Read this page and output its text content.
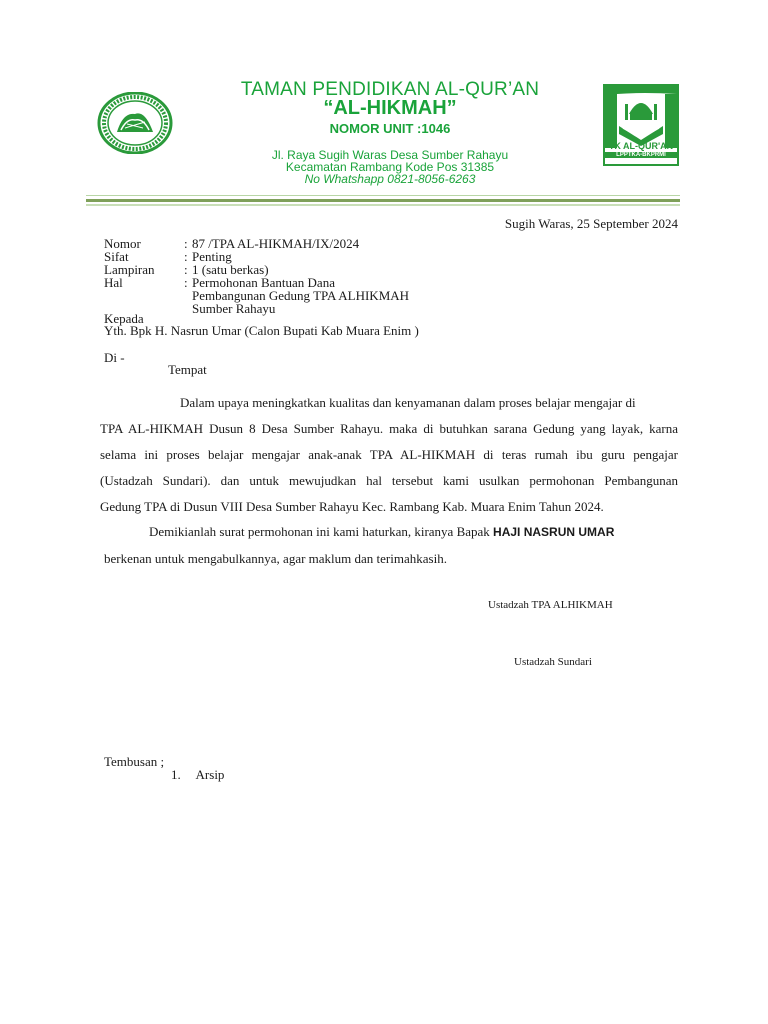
TK AL-QUR'AN
LPPTKA-BKPRMI
TAMAN PENDIDIKAN AL-QUR’AN
“AL-HIKMAH”
NOMOR UNIT :1046
Jl. Raya Sugih Waras Desa Sumber Rahayu
Kecamatan Rambang Kode Pos 31385
No Whatshapp 0821-8056-6263
Sugih Waras, 25 September 2024
Nomor	: 87 /TPA AL-HIKMAH/IX/2024
Sifat	: Penting
Lampiran	: 1 (satu berkas)
Hal	: Permohonan Bantuan Dana
Pembangunan Gedung TPA ALHIKMAH
Sumber Rahayu
Kepada
Yth. Bpk H. Nasrun Umar (Calon Bupati Kab Muara Enim )
Di -
Tempat
Dalam upaya meningkatkan kualitas dan kenyamanan dalam proses belajar mengajar di
TPA AL-HIKMAH Dusun 8 Desa Sumber Rahayu. maka di butuhkan sarana Gedung yang layak, karna
selama ini proses belajar mengajar anak-anak TPA AL-HIKMAH di teras rumah ibu guru pengajar
(Ustadzah Sundari). dan untuk mewujudkan hal tersebut kami usulkan permohonan Pembangunan
Gedung TPA di Dusun VIII Desa Sumber Rahayu Kec. Rambang Kab. Muara Enim Tahun 2024.
Demikianlah surat permohonan ini kami haturkan, kiranya Bapak HAJI NASRUN UMAR
berkenan untuk mengabulkannya, agar maklum dan terimahkasih.
Ustadzah TPA ALHIKMAH
Ustadzah Sundari
Tembusan ;
1. Arsip
